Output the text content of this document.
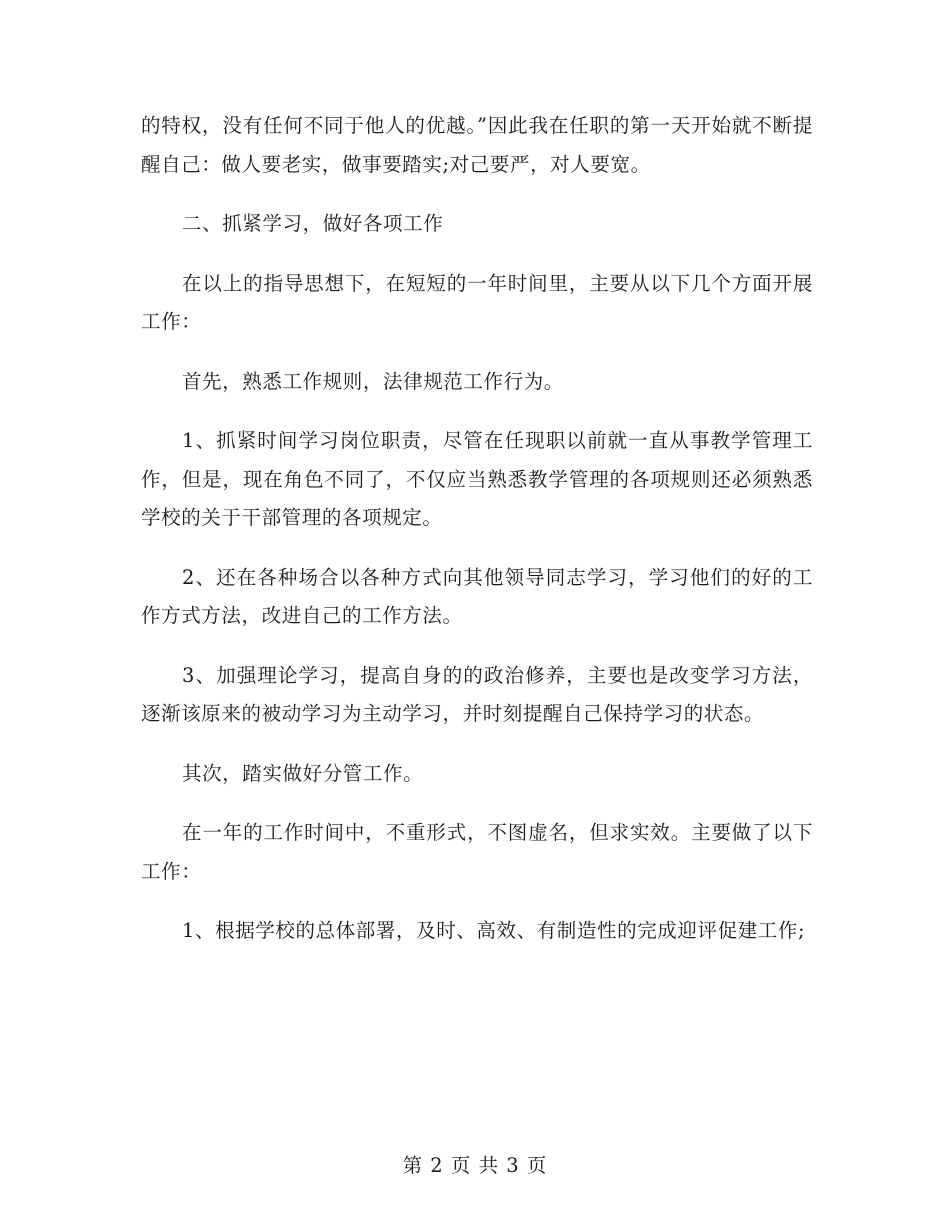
的特权，没有任何不同于他人的优越。”因此我在任职的第一天开始就不断提醒自己：做人要老实，做事要踏实;对己要严，对人要宽。

二、抓紧学习，做好各项工作

在以上的指导思想下，在短短的一年时间里，主要从以下几个方面开展工作：

首先，熟悉工作规则，法律规范工作行为。

1、抓紧时间学习岗位职责，尽管在任现职以前就一直从事教学管理工作，但是，现在角色不同了，不仅应当熟悉教学管理的各项规则还必须熟悉学校的关于干部管理的各项规定。

2、还在各种场合以各种方式向其他领导同志学习，学习他们的好的工作方式方法，改进自己的工作方法。

3、加强理论学习，提高自身的的政治修养，主要也是改变学习方法，逐渐该原来的被动学习为主动学习，并时刻提醒自己保持学习的状态。

其次，踏实做好分管工作。

在一年的工作时间中，不重形式，不图虚名，但求实效。主要做了以下工作：

1、根据学校的总体部署，及时、高效、有制造性的完成迎评促建工作;

第 2 页 共 3 页
